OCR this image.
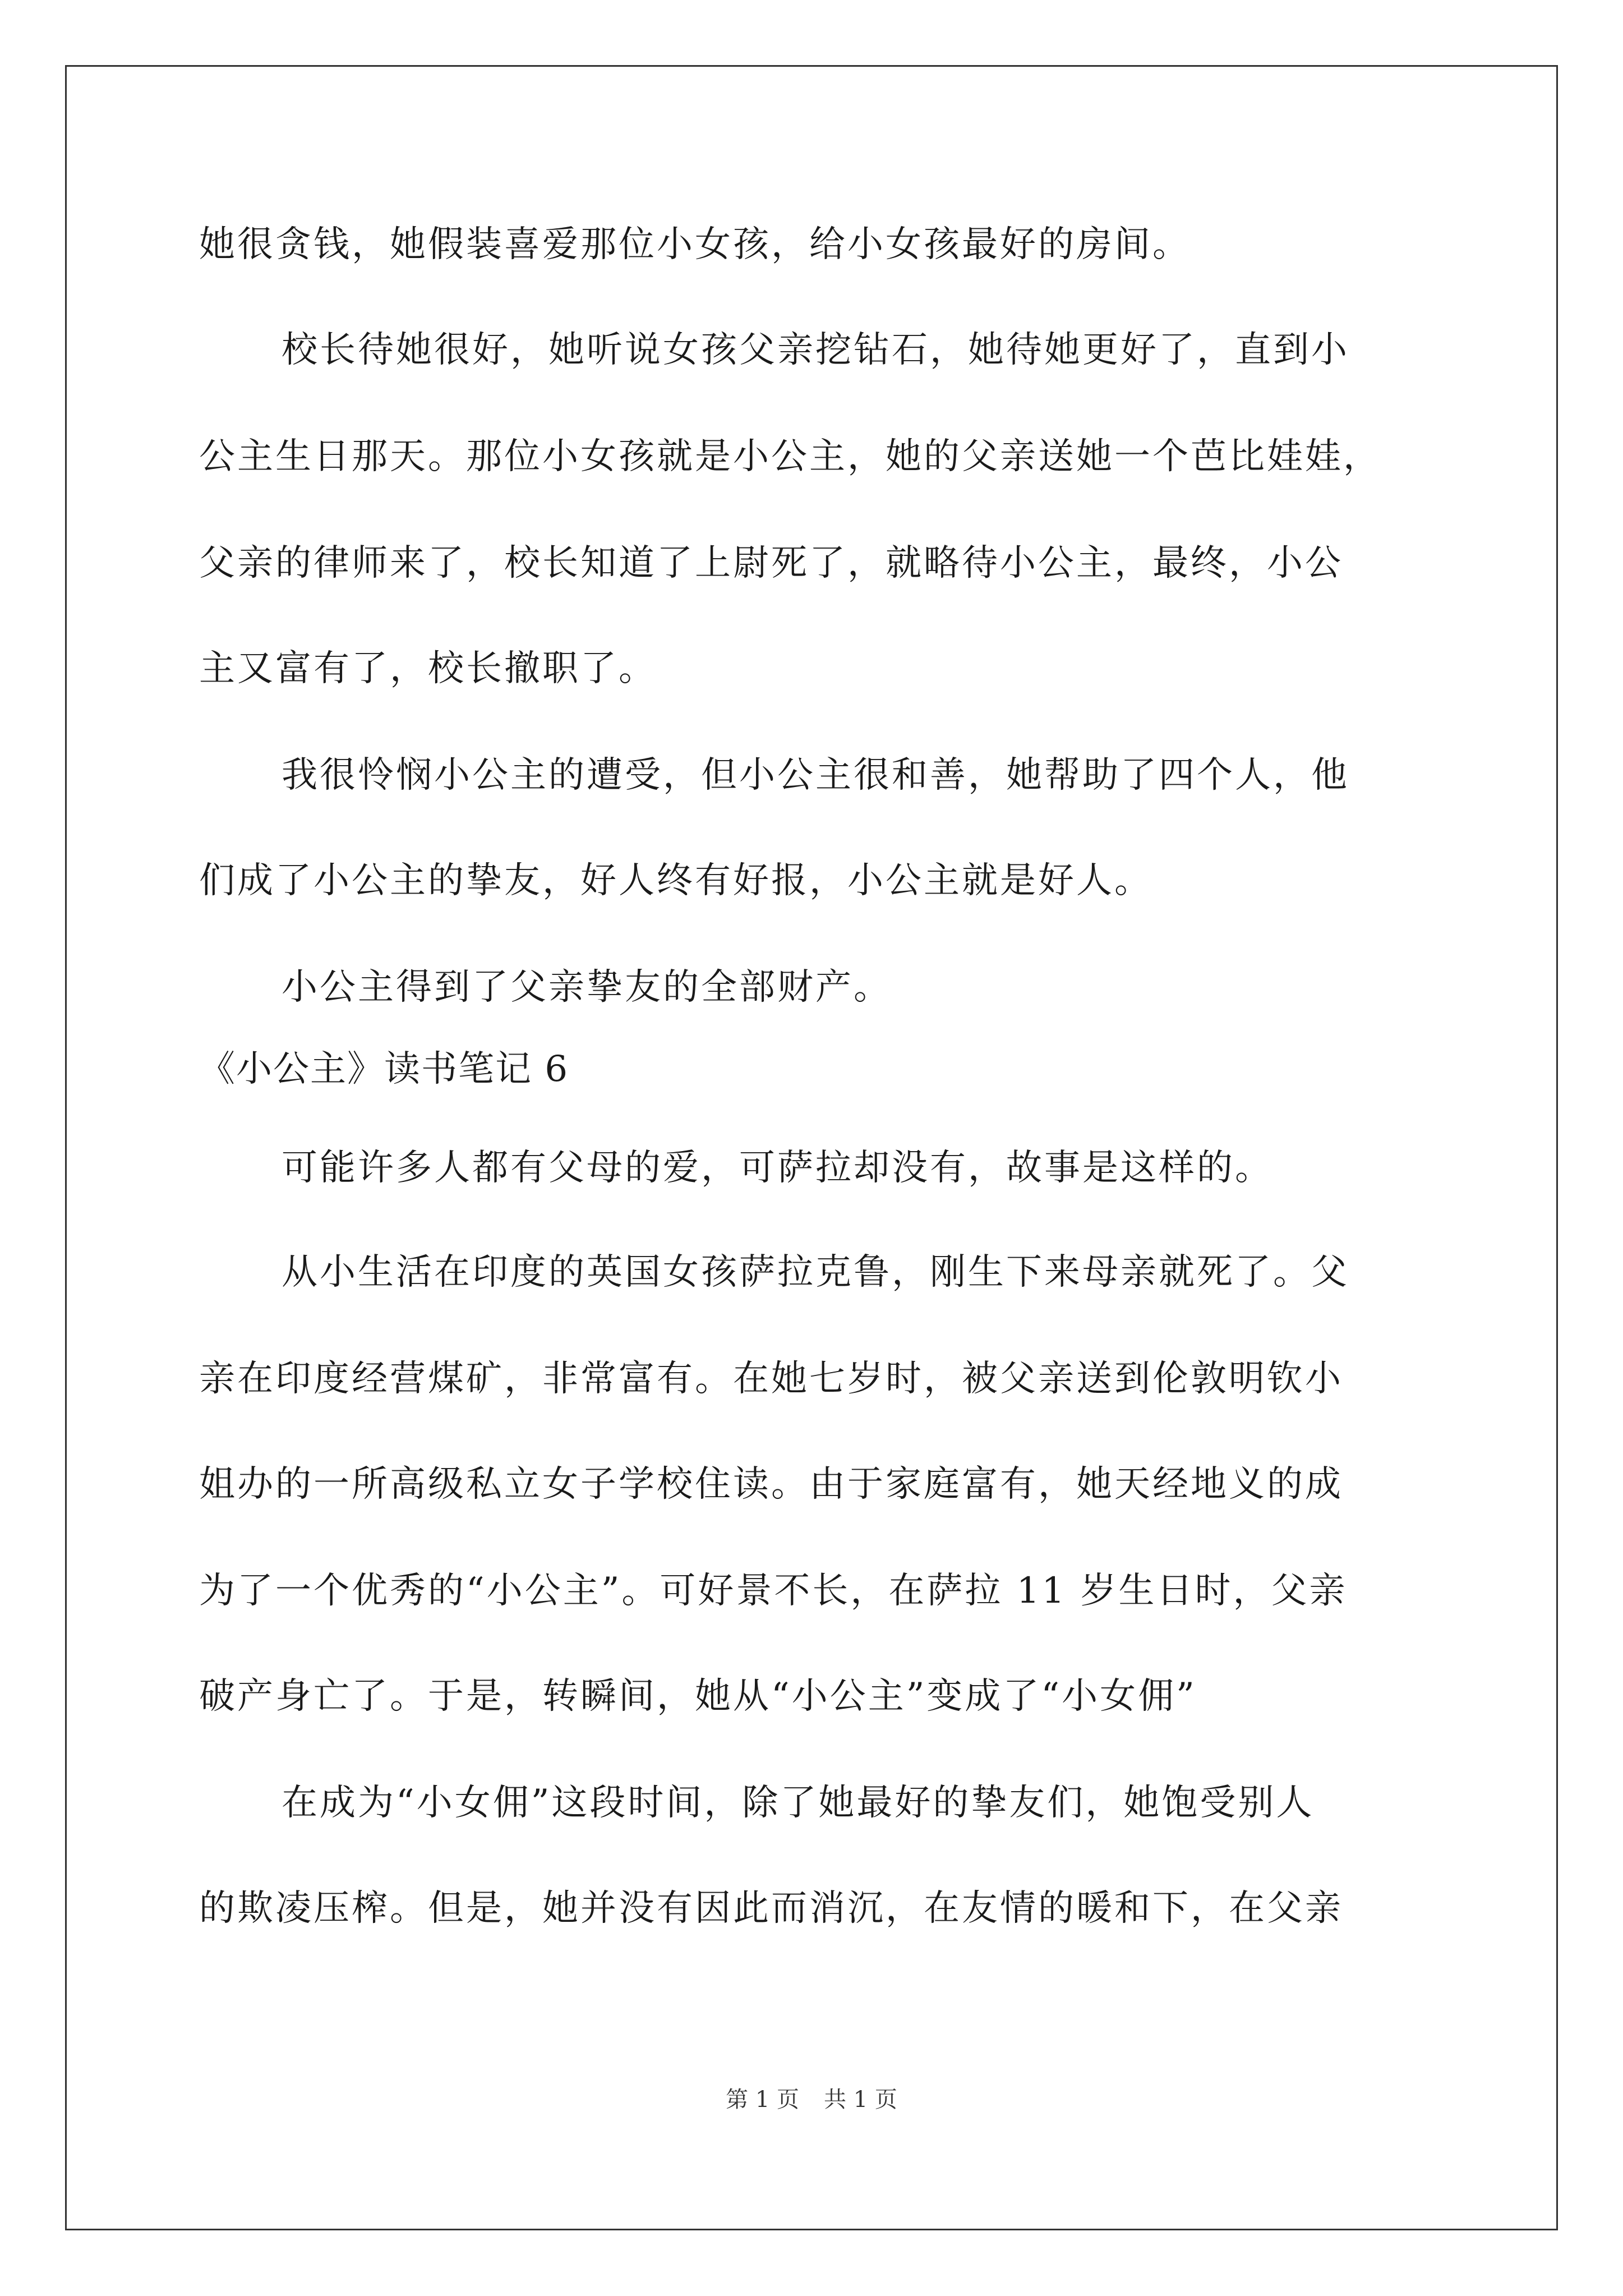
她很贪钱，她假装喜爱那位小女孩，给小女孩最好的房间。
校长待她很好，她听说女孩父亲挖钻石，她待她更好了，直到小
公主生日那天。那位小女孩就是小公主，她的父亲送她一个芭比娃娃，
父亲的律师来了，校长知道了上尉死了，就略待小公主，最终，小公
主又富有了，校长撤职了。
我很怜悯小公主的遭受，但小公主很和善，她帮助了四个人，他
们成了小公主的挚友，好人终有好报，小公主就是好人。
小公主得到了父亲挚友的全部财产。
《小公主》读书笔记 6
可能许多人都有父母的爱，可萨拉却没有，故事是这样的。
从小生活在印度的英国女孩萨拉克鲁，刚生下来母亲就死了。父
亲在印度经营煤矿，非常富有。在她七岁时，被父亲送到伦敦明钦小
姐办的一所高级私立女子学校住读。由于家庭富有，她天经地义的成
为了一个优秀的“小公主”。可好景不长，在萨拉 11 岁生日时，父亲
破产身亡了。于是，转瞬间，她从“小公主”变成了“小女佣”
在成为“小女佣”这段时间，除了她最好的挚友们，她饱受别人
的欺凌压榨。但是，她并没有因此而消沉，在友情的暖和下，在父亲
第 1 页 共 1 页
